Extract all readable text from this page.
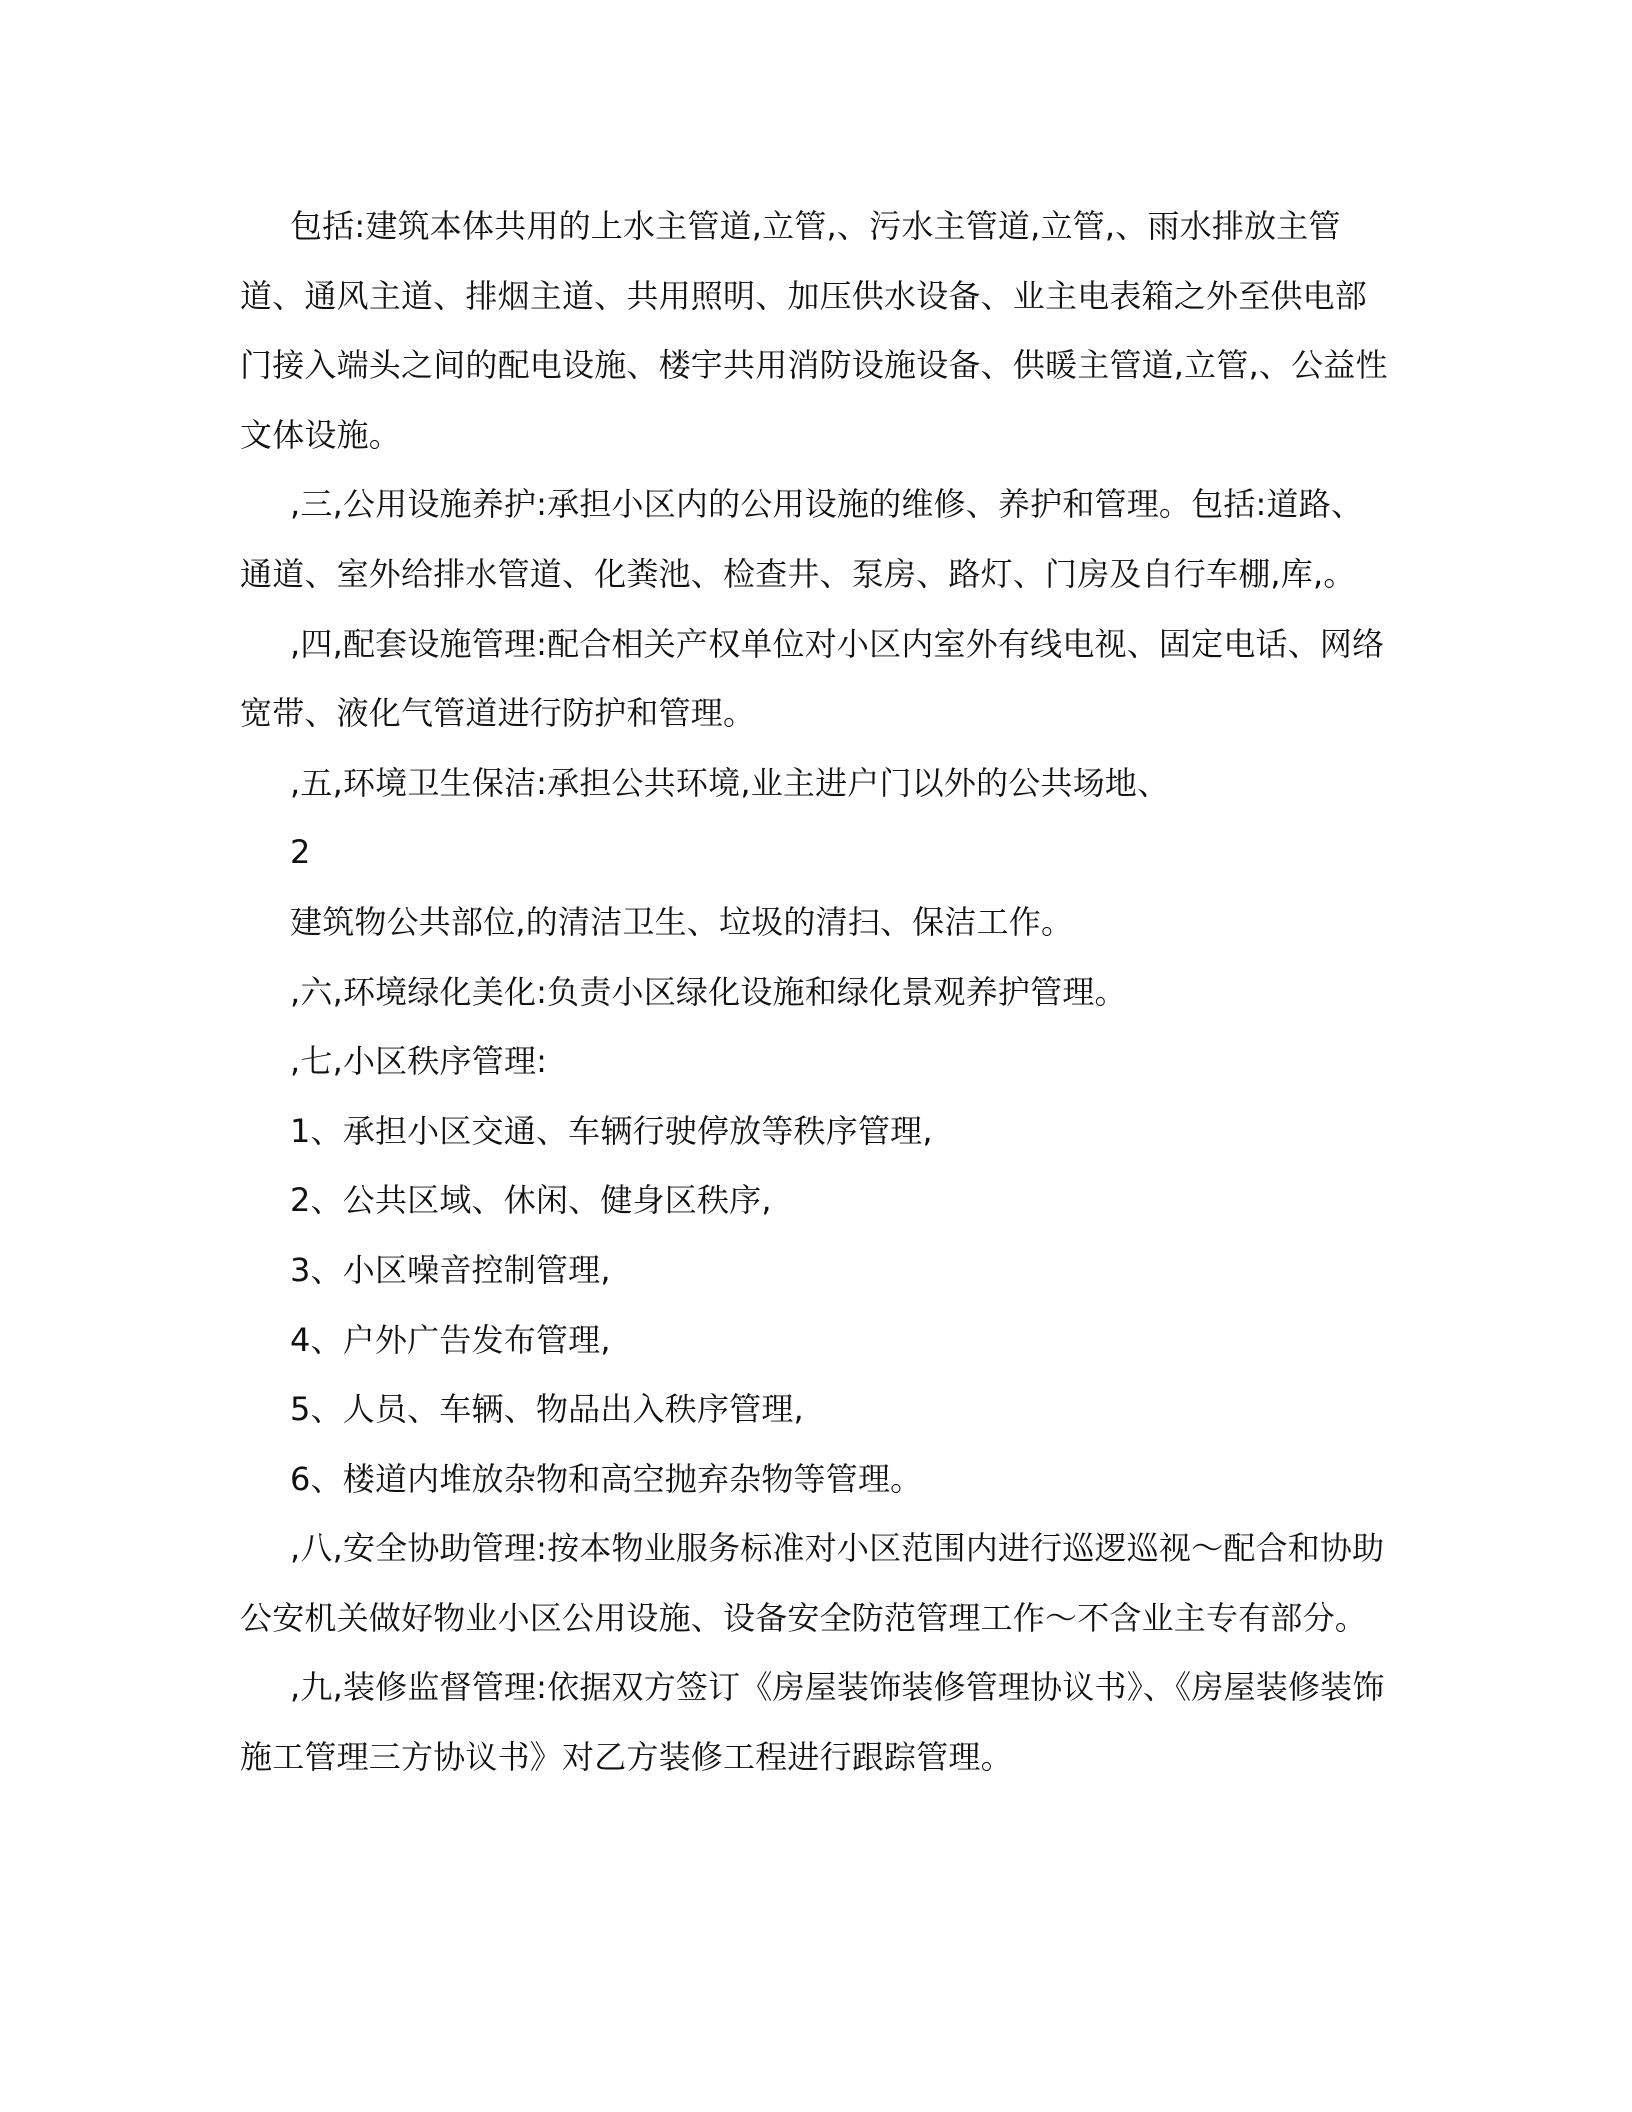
包括:建筑本体共用的上水主管道,立管,、污水主管道,立管,、雨水排放主管道、通风主道、排烟主道、共用照明、加压供水设备、业主电表箱之外至供电部门接入端头之间的配电设施、楼宇共用消防设施设备、供暖主管道,立管,、公益性文体设施。

,三,公用设施养护:承担小区内的公用设施的维修、养护和管理。包括:道路、通道、室外给排水管道、化粪池、检查井、泵房、路灯、门房及自行车棚,库,。

,四,配套设施管理:配合相关产权单位对小区内室外有线电视、固定电话、网络宽带、液化气管道进行防护和管理。

,五,环境卫生保洁:承担公共环境,业主进户门以外的公共场地、

2

建筑物公共部位,的清洁卫生、垃圾的清扫、保洁工作。

,六,环境绿化美化:负责小区绿化设施和绿化景观养护管理。

,七,小区秩序管理:

1、承担小区交通、车辆行驶停放等秩序管理,

2、公共区域、休闲、健身区秩序,

3、小区噪音控制管理,

4、户外广告发布管理,

5、人员、车辆、物品出入秩序管理,

6、楼道内堆放杂物和高空抛弃杂物等管理。

,八,安全协助管理:按本物业服务标准对小区范围内进行巡逻巡视～配合和协助公安机关做好物业小区公用设施、设备安全防范管理工作～不含业主专有部分。

,九,装修监督管理:依据双方签订《房屋装饰装修管理协议书》、《房屋装修装饰施工管理三方协议书》对乙方装修工程进行跟踪管理。
